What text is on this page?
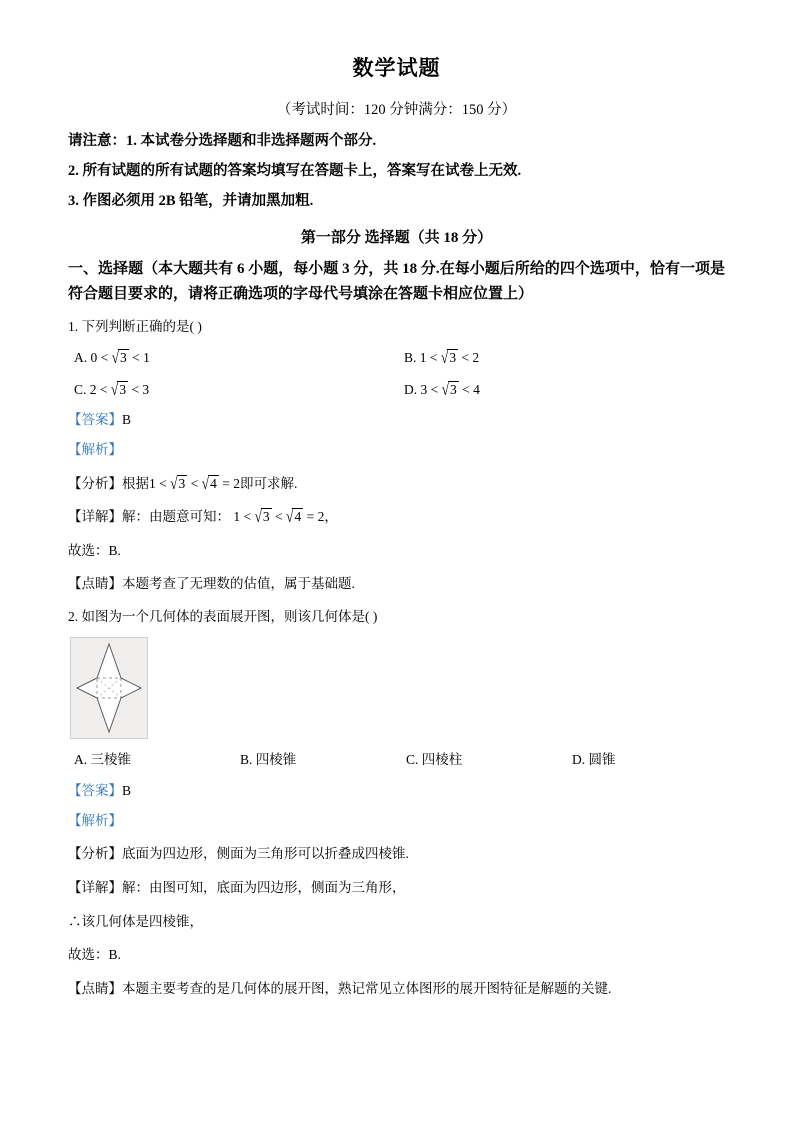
数学试题
（考试时间：120 分钟满分：150 分）
请注意：1. 本试卷分选择题和非选择题两个部分.
2. 所有试题的所有试题的答案均填写在答题卡上，答案写在试卷上无效.
3. 作图必须用 2B 铅笔，并请加黑加粗.
第一部分 选择题（共 18 分）
一、选择题（本大题共有 6 小题，每小题 3 分，共 18 分.在每小题后所给的四个选项中，恰有一项是符合题目要求的，请将正确选项的字母代号填涂在答题卡相应位置上）
1. 下列判断正确的是( )
A. 0 < √3 < 1	B. 1 < √3 < 2
C. 2 < √3 < 3	D. 3 < √3 < 4
【答案】B
【解析】
【分析】根据1 < √3 < √4 = 2即可求解.
【详解】解：由题意可知： 1 < √3 < √4 = 2，
故选：B.
【点睛】本题考查了无理数的估值，属于基础题.
2. 如图为一个几何体的表面展开图，则该几何体是( )
A. 三棱锥	B. 四棱锥	C. 四棱柱	D. 圆锥
【答案】B
【解析】
【分析】底面为四边形，侧面为三角形可以折叠成四棱锥.
【详解】解：由图可知，底面为四边形，侧面为三角形，
∴该几何体是四棱锥，
故选：B.
【点睛】本题主要考查的是几何体的展开图，熟记常见立体图形的展开图特征是解题的关键.
